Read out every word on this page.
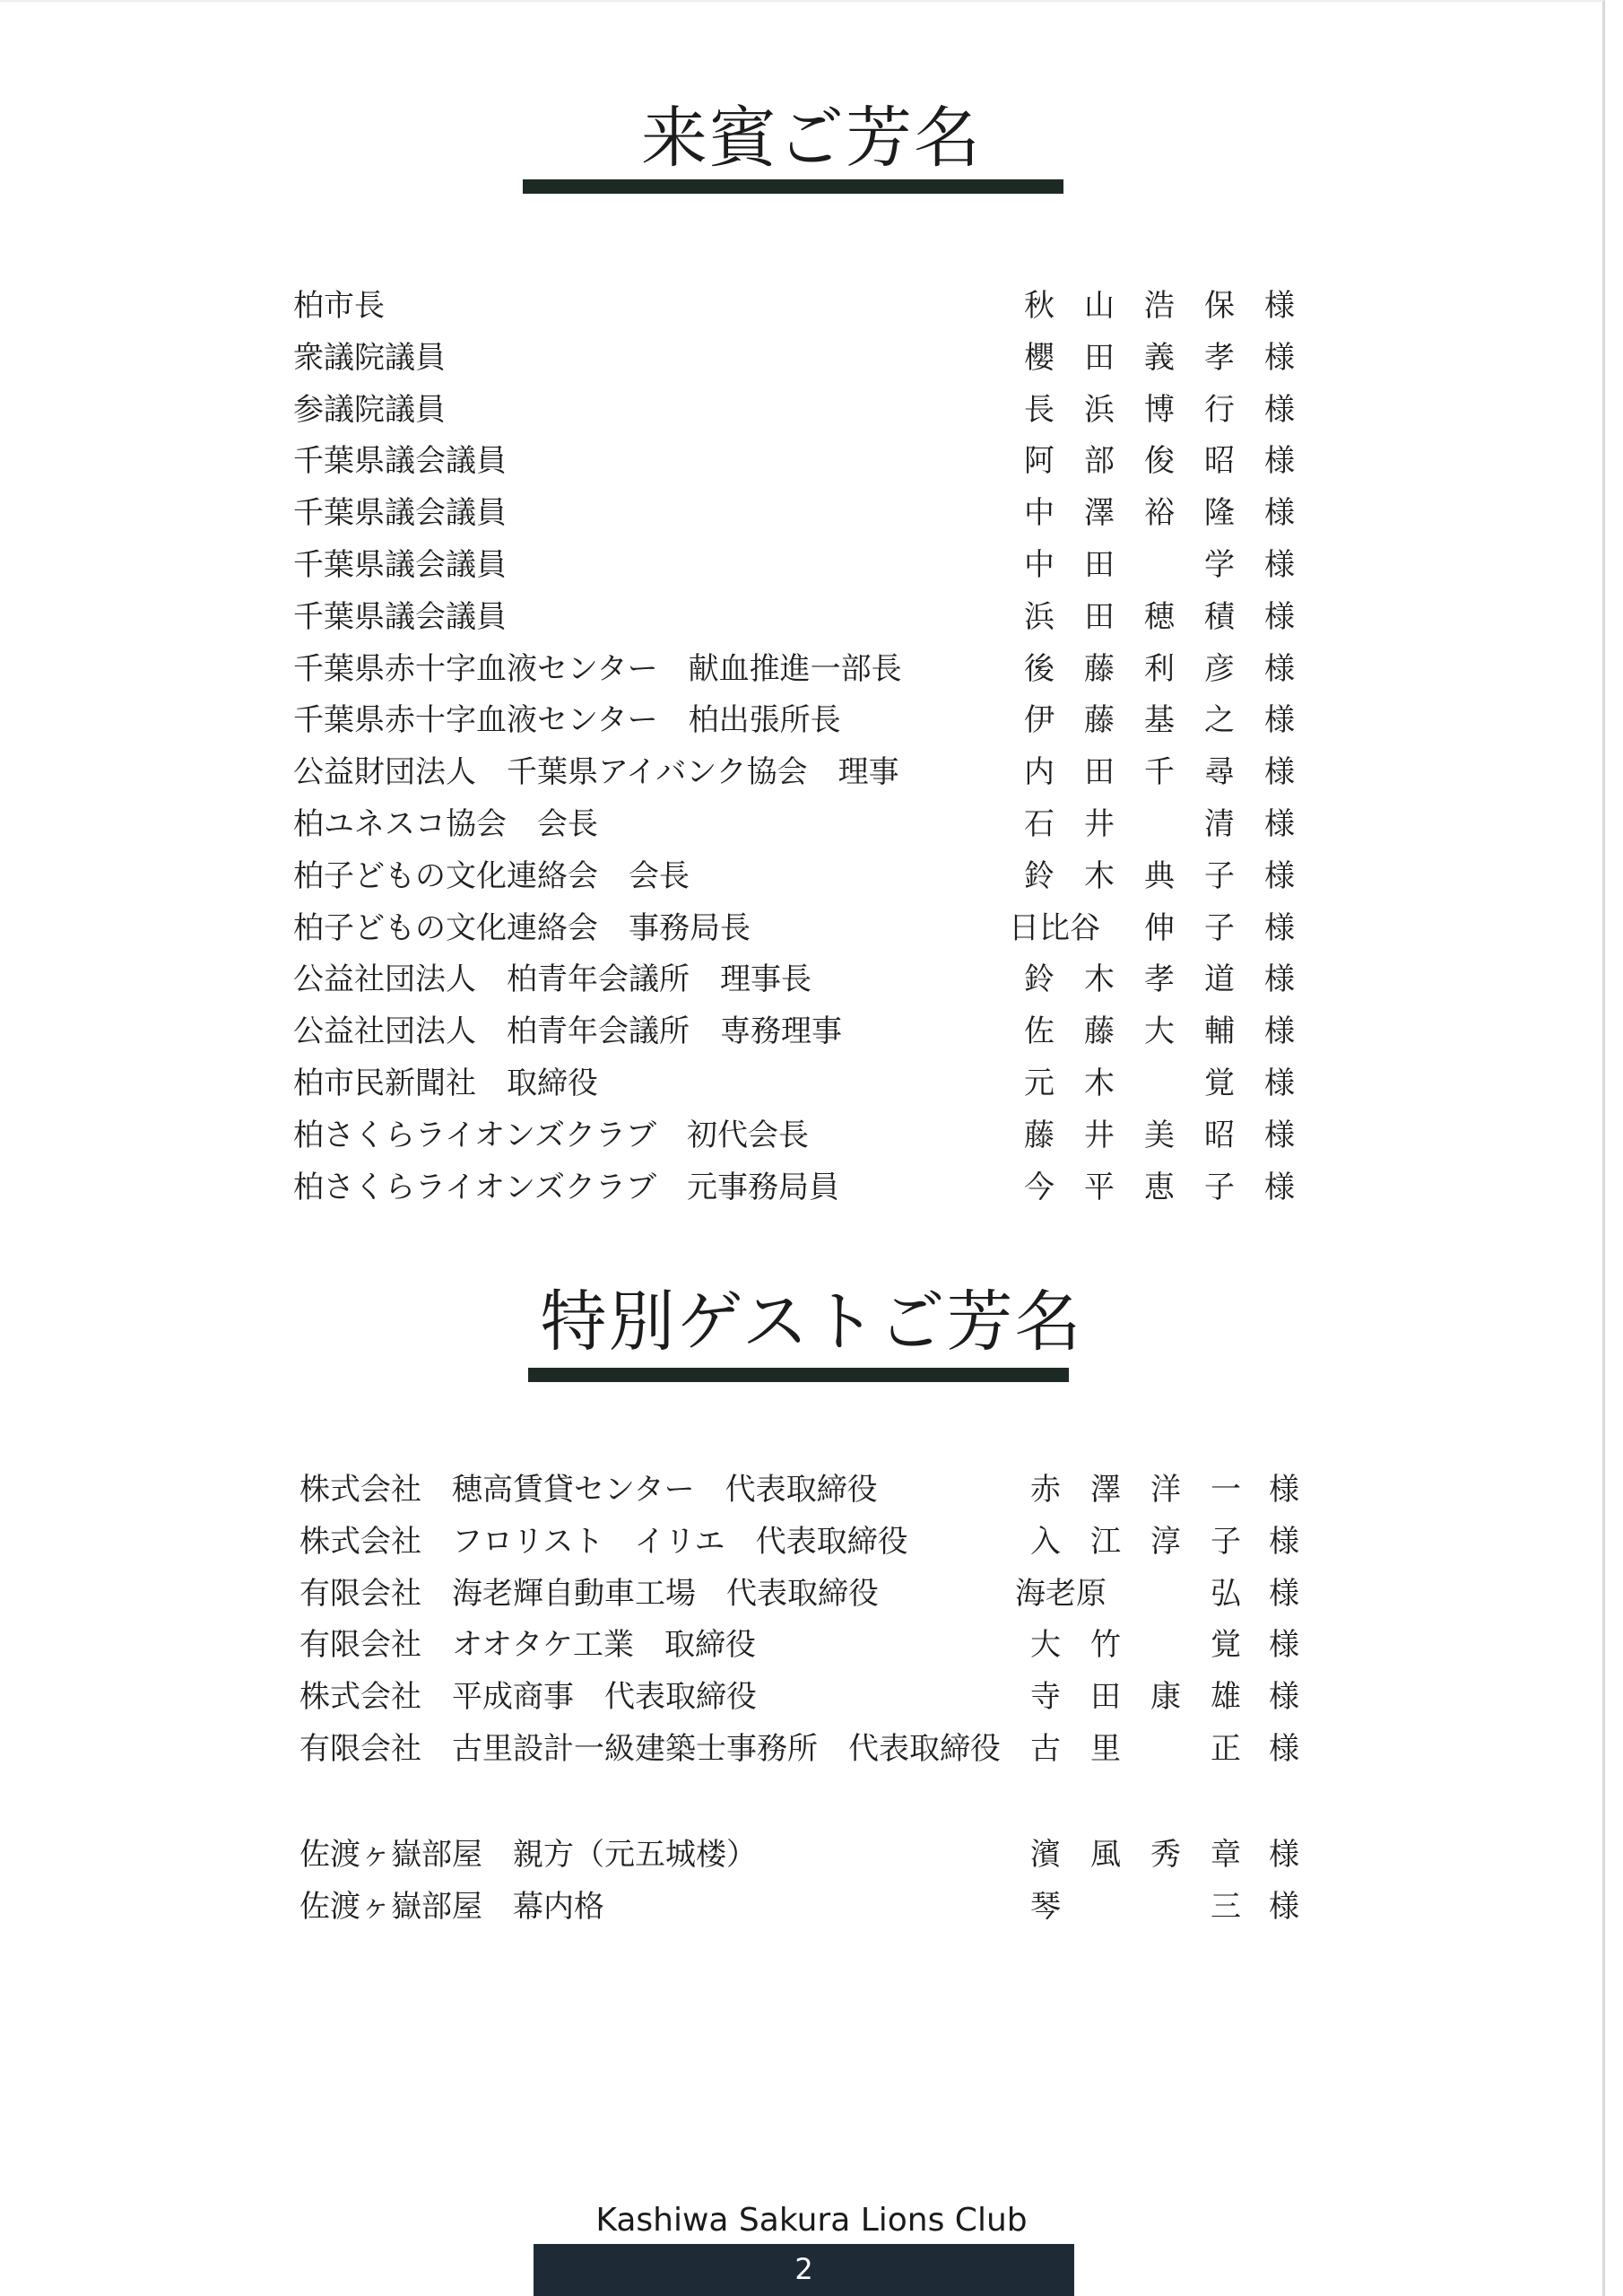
来賓ご芳名
柏市長	秋 山 浩 保 様
衆議院議員	櫻 田 義 孝 様
参議院議員	長 浜 博 行 様
千葉県議会議員	阿 部 俊 昭 様
千葉県議会議員	中 澤 裕 隆 様
千葉県議会議員	中 田	学 様
千葉県議会議員	浜 田 穂 積 様
千葉県赤十字血液センター　献血推進一部長	後 藤 利 彦 様
千葉県赤十字血液センター　柏出張所長	伊 藤 基 之 様
公益財団法人　千葉県アイバンク協会　理事	内 田 千 尋 様
柏ユネスコ協会　会長	石 井	清 様
柏子どもの文化連絡会　会長	鈴 木 典 子 様
柏子どもの文化連絡会　事務局長	日比谷	伸 子 様
公益社団法人　柏青年会議所　理事長	鈴 木 孝 道 様
公益社団法人　柏青年会議所　専務理事	佐 藤 大 輔 様
柏市民新聞社　取締役	元 木	覚 様
柏さくらライオンズクラブ　初代会長	藤 井 美 昭 様
柏さくらライオンズクラブ　元事務局員	今 平 恵 子 様
特別ゲストご芳名
株式会社　穂高賃貸センター　代表取締役	赤 澤 洋 一 様
株式会社　フロリスト　イリエ　代表取締役	入 江 淳 子 様
有限会社　海老輝自動車工場　代表取締役	海老原	弘 様
有限会社　オオタケ工業　取締役	大 竹	覚 様
株式会社　平成商事　代表取締役	寺 田 康 雄 様
有限会社　古里設計一級建築士事務所　代表取締役 古 里	正 様
佐渡ヶ嶽部屋　親方（元五城楼）	濱 風 秀 章 様
佐渡ヶ嶽部屋　幕内格	琴	三 様
Kashiwa Sakura Lions Club
2
